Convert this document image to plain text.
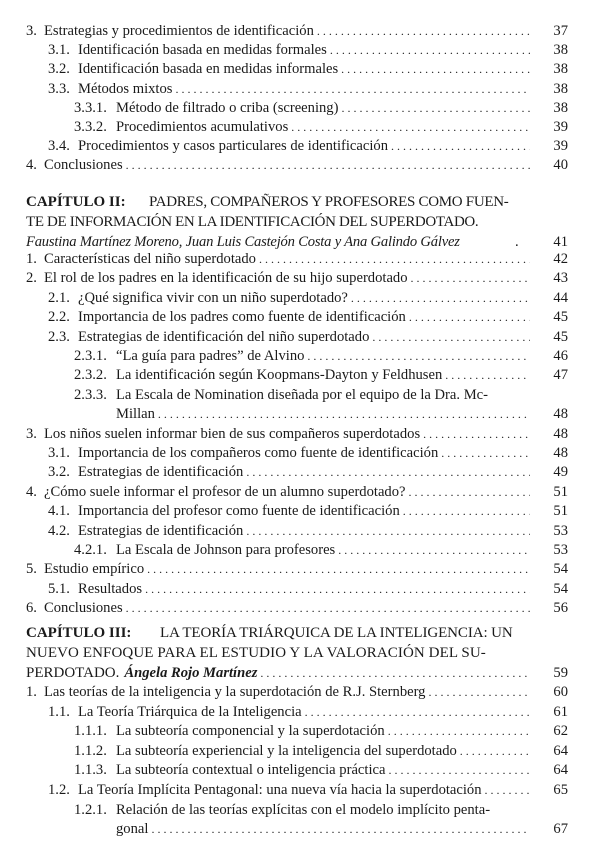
3. Estrategias y procedimientos de identificación . . .	37
3.1. Identificación basada en medidas formales . . .	38
3.2. Identificación basada en medidas informales . . .	38
3.3. Métodos mixtos . . .	38
3.3.1. Método de filtrado o criba (screening) . . .	38
3.3.2. Procedimientos acumulativos . . .	39
3.4. Procedimientos y casos particulares de identificación . . .	39
4. Conclusiones . . .	40
CAPÍTULO II: PADRES, COMPAÑEROS Y PROFESORES COMO FUEN-
TE DE INFORMACIÓN EN LA IDENTIFICACIÓN DEL SUPERDOTADO.
Faustina Martínez Moreno, Juan Luis Castejón Costa y Ana Galindo Gálvez	. 41
1. Características del niño superdotado . . .	42
2. El rol de los padres en la identificación de su hijo superdotado . . .	43
2.1. ¿Qué significa vivir con un niño superdotado? . . .	44
2.2. Importancia de los padres como fuente de identificación . . .	45
2.3. Estrategias de identificación del niño superdotado . . .	45
2.3.1. “La guía para padres” de Alvino . . .	46
2.3.2. La identificación según Koopmans-Dayton y Feldhusen . . .	47
2.3.3. La Escala de Nomination diseñada por el equipo de la Dra. Mc-
Millan . . .	48
3. Los niños suelen informar bien de sus compañeros superdotados . . .	48
3.1. Importancia de los compañeros como fuente de identificación . . .	48
3.2. Estrategias de identificación . . .	49
4. ¿Cómo suele informar el profesor de un alumno superdotado? . . .	51
4.1. Importancia del profesor como fuente de identificación . . .	51
4.2. Estrategias de identificación . . .	53
4.2.1. La Escala de Johnson para profesores . . .	53
5. Estudio empírico . . .	54
5.1. Resultados . . .	54
6. Conclusiones . . .	56
CAPÍTULO III: LA TEORÍA TRIÁRQUICA DE LA INTELIGENCIA: UN
NUEVO ENFOQUE PARA EL ESTUDIO Y LA VALORACIÓN DEL SU-
PERDOTADO. Ángela Rojo Martínez . . .	59
1. Las teorías de la inteligencia y la superdotación de R.J. Sternberg . . .	60
1.1. La Teoría Triárquica de la Inteligencia . . .	61
1.1.1. La subteoría componencial y la superdotación . . .	62
1.1.2. La subteoría experiencial y la inteligencia del superdotado . . .	64
1.1.3. La subteoría contextual o inteligencia práctica . . .	64
1.2. La Teoría Implícita Pentagonal: una nueva vía hacia la superdotación . . .	65
1.2.1. Relación de las teorías explícitas con el modelo implícito penta-
gonal . . .	67
